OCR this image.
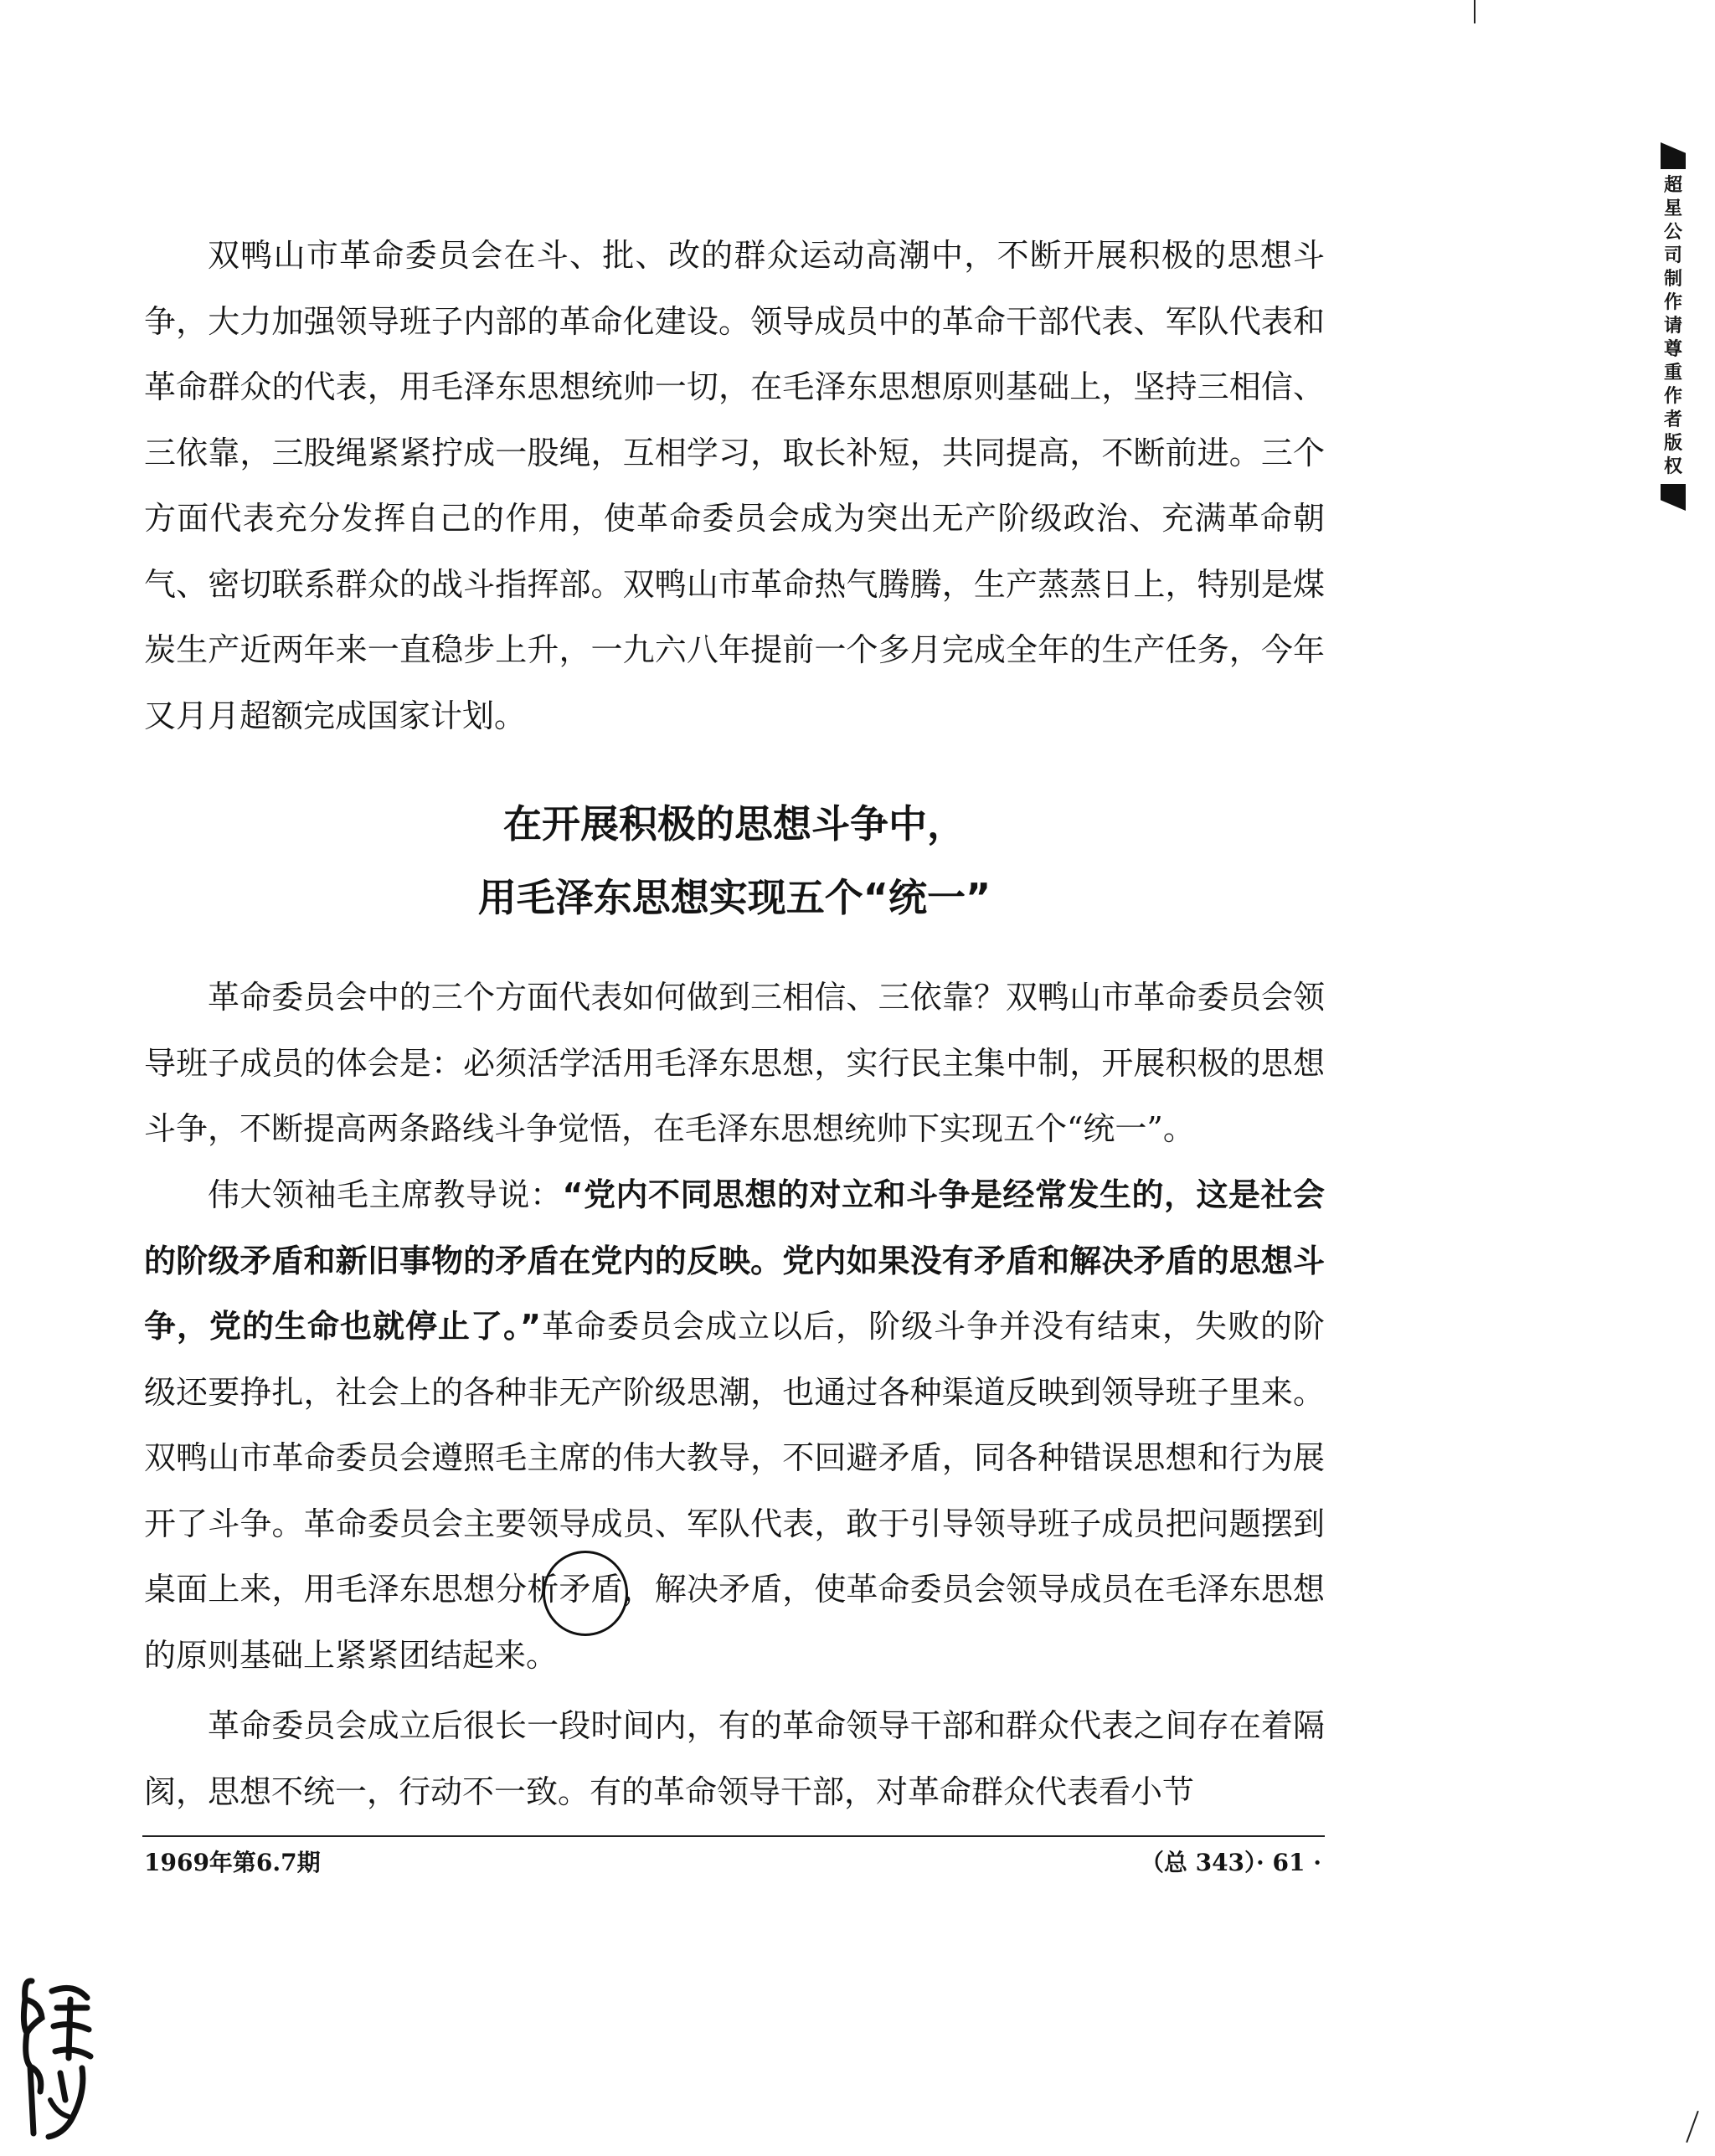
双鸭山市革命委员会在斗、批、改的群众运动高潮中，不断开展积极的思想斗争，大力加强领导班子内部的革命化建设。领导成员中的革命干部代表、军队代表和革命群众的代表，用毛泽东思想统帅一切，在毛泽东思想原则基础上，坚持三相信、三依靠，三股绳紧紧拧成一股绳，互相学习，取长补短，共同提高，不断前进。三个方面代表充分发挥自己的作用，使革命委员会成为突出无产阶级政治、充满革命朝气、密切联系群众的战斗指挥部。双鸭山市革命热气腾腾，生产蒸蒸日上，特别是煤炭生产近两年来一直稳步上升，一九六八年提前一个多月完成全年的生产任务，今年又月月超额完成国家计划。

在开展积极的思想斗争中，
用毛泽东思想实现五个“统一”

革命委员会中的三个方面代表如何做到三相信、三依靠？双鸭山市革命委员会领导班子成员的体会是：必须活学活用毛泽东思想，实行民主集中制，开展积极的思想斗争，不断提高两条路线斗争觉悟，在毛泽东思想统帅下实现五个“统一”。

伟大领袖毛主席教导说：“党内不同思想的对立和斗争是经常发生的，这是社会的阶级矛盾和新旧事物的矛盾在党内的反映。党内如果没有矛盾和解决矛盾的思想斗争，党的生命也就停止了。”革命委员会成立以后，阶级斗争并没有结束，失败的阶级还要挣扎，社会上的各种非无产阶级思潮，也通过各种渠道反映到领导班子里来。双鸭山市革命委员会遵照毛主席的伟大教导，不回避矛盾，同各种错误思想和行为展开了斗争。革命委员会主要领导成员、军队代表，敢于引导领导班子成员把问题摆到桌面上来，用毛泽东思想分析矛盾，解决矛盾，使革命委员会领导成员在毛泽东思想的原则基础上紧紧团结起来。

革命委员会成立后很长一段时间内，有的革命领导干部和群众代表之间存在着隔阂，思想不统一，行动不一致。有的革命领导干部，对革命群众代表看小节

1969年第6.7期	（总 343）· 61 ·
超星公司制作请尊重作者版权
